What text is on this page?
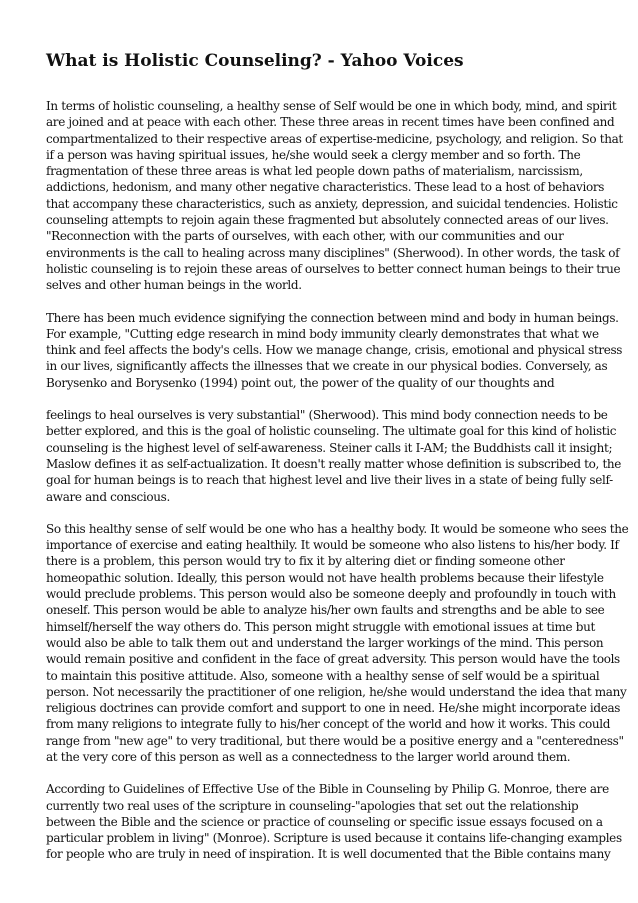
What is Holistic Counseling? - Yahoo Voices

In terms of holistic counseling, a healthy sense of Self would be one in which body, mind, and spirit
are joined and at peace with each other. These three areas in recent times have been confined and
compartmentalized to their respective areas of expertise-medicine, psychology, and religion. So that
if a person was having spiritual issues, he/she would seek a clergy member and so forth. The
fragmentation of these three areas is what led people down paths of materialism, narcissism,
addictions, hedonism, and many other negative characteristics. These lead to a host of behaviors
that accompany these characteristics, such as anxiety, depression, and suicidal tendencies. Holistic
counseling attempts to rejoin again these fragmented but absolutely connected areas of our lives.
"Reconnection with the parts of ourselves, with each other, with our communities and our
environments is the call to healing across many disciplines" (Sherwood). In other words, the task of
holistic counseling is to rejoin these areas of ourselves to better connect human beings to their true
selves and other human beings in the world.

There has been much evidence signifying the connection between mind and body in human beings.
For example, "Cutting edge research in mind body immunity clearly demonstrates that what we
think and feel affects the body's cells. How we manage change, crisis, emotional and physical stress
in our lives, significantly affects the illnesses that we create in our physical bodies. Conversely, as
Borysenko and Borysenko (1994) point out, the power of the quality of our thoughts and

feelings to heal ourselves is very substantial" (Sherwood). This mind body connection needs to be
better explored, and this is the goal of holistic counseling. The ultimate goal for this kind of holistic
counseling is the highest level of self-awareness. Steiner calls it I-AM; the Buddhists call it insight;
Maslow defines it as self-actualization. It doesn't really matter whose definition is subscribed to, the
goal for human beings is to reach that highest level and live their lives in a state of being fully self-
aware and conscious.

So this healthy sense of self would be one who has a healthy body. It would be someone who sees the
importance of exercise and eating healthily. It would be someone who also listens to his/her body. If
there is a problem, this person would try to fix it by altering diet or finding someone other
homeopathic solution. Ideally, this person would not have health problems because their lifestyle
would preclude problems. This person would also be someone deeply and profoundly in touch with
oneself. This person would be able to analyze his/her own faults and strengths and be able to see
himself/herself the way others do. This person might struggle with emotional issues at time but
would also be able to talk them out and understand the larger workings of the mind. This person
would remain positive and confident in the face of great adversity. This person would have the tools
to maintain this positive attitude. Also, someone with a healthy sense of self would be a spiritual
person. Not necessarily the practitioner of one religion, he/she would understand the idea that many
religious doctrines can provide comfort and support to one in need. He/she might incorporate ideas
from many religions to integrate fully to his/her concept of the world and how it works. This could
range from "new age" to very traditional, but there would be a positive energy and a "centeredness"
at the very core of this person as well as a connectedness to the larger world around them.

According to Guidelines of Effective Use of the Bible in Counseling by Philip G. Monroe, there are
currently two real uses of the scripture in counseling-"apologies that set out the relationship
between the Bible and the science or practice of counseling or specific issue essays focused on a
particular problem in living" (Monroe). Scripture is used because it contains life-changing examples
for people who are truly in need of inspiration. It is well documented that the Bible contains many
